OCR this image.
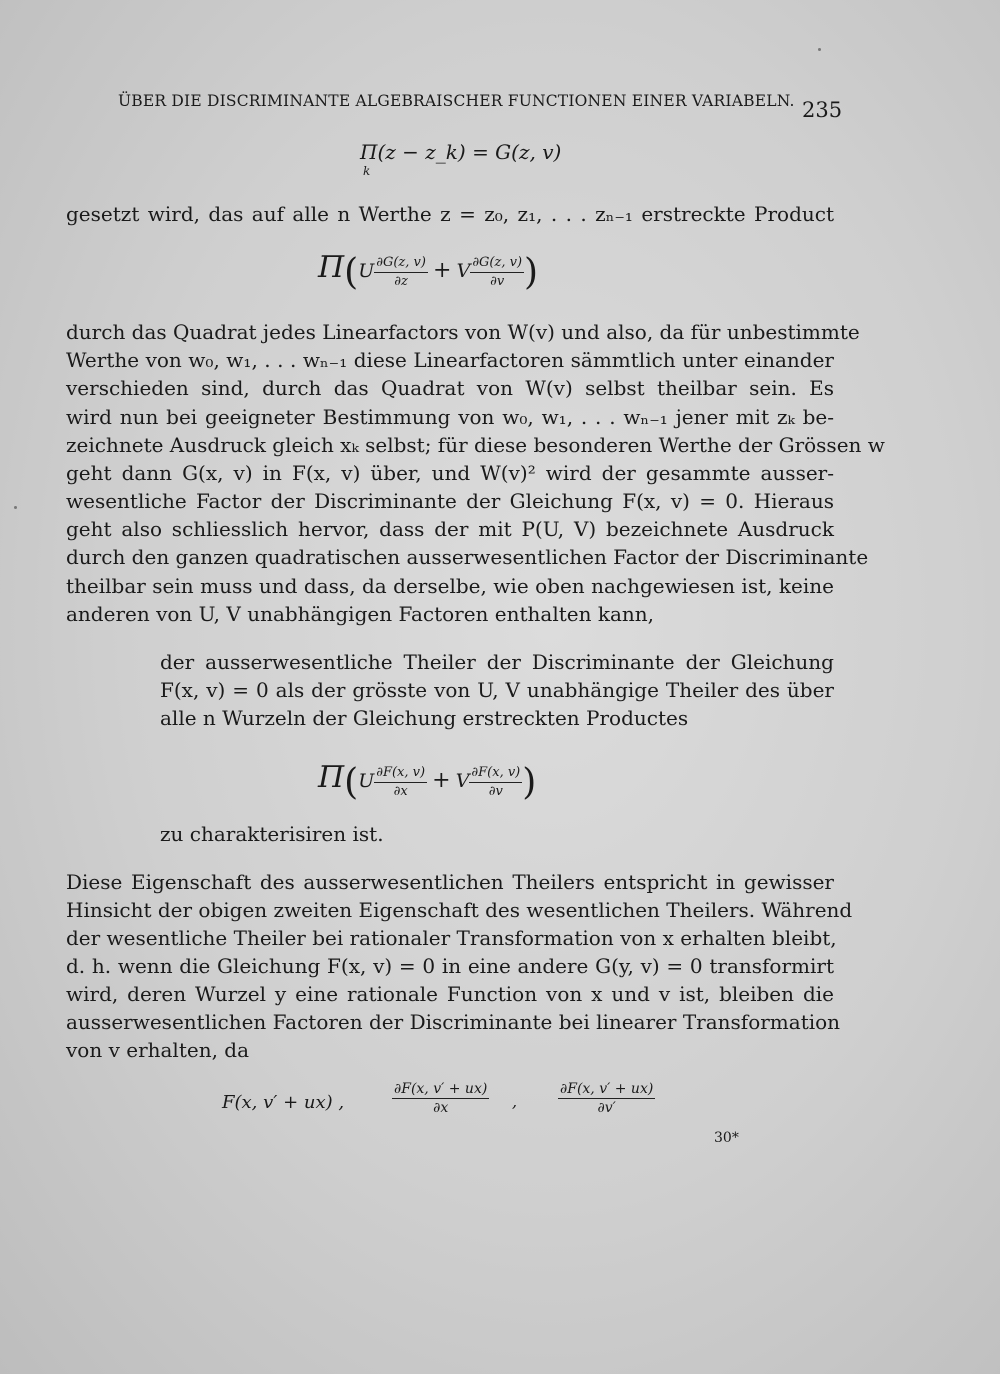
ÜBER DIE DISCRIMINANTE ALGEBRAISCHER FUNCTIONEN EINER VARIABELN. 235
Π(z − z_k) = G(z, v)
k
gesetzt wird, das auf alle n Werthe z = z₀, z₁, . . . zₙ₋₁ erstreckte Product
$\Pi(U \frac{\partial G(z, v)}{\partial z} + V \frac{\partial G(z, v)}{\partial v}$ )
durch das Quadrat jedes Linearfactors von W(v) und also, da für unbestimmte
Werthe von w₀, w₁, . . . wₙ₋₁ diese Linearfactoren sämmtlich unter einander
verschieden sind, durch das Quadrat von W(v) selbst theilbar sein. Es
wird nun bei geeigneter Bestimmung von w₀, w₁, . . . wₙ₋₁ jener mit zₖ be-
zeichnete Ausdruck gleich xₖ selbst; für diese besonderen Werthe der Grössen w
geht dann G(x, v) in F(x, v) über, und W(v)² wird der gesammte ausser-
wesentliche Factor der Discriminante der Gleichung F(x, v) = 0. Hieraus
geht also schliesslich hervor, dass der mit P(U, V) bezeichnete Ausdruck
durch den ganzen quadratischen ausserwesentlichen Factor der Discriminante
theilbar sein muss und dass, da derselbe, wie oben nachgewiesen ist, keine
anderen von U, V unabhängigen Factoren enthalten kann,
der ausserwesentliche Theiler der Discriminante der Gleichung
F(x, v) = 0 als der grösste von U, V unabhängige Theiler des über
alle n Wurzeln der Gleichung erstreckten Productes
$\Pi(U \frac{\partial F(x, v)}{\partial x} + V \frac{\partial F(x, v)}{\partial v}$ )
zu charakterisiren ist.
Diese Eigenschaft des ausserwesentlichen Theilers entspricht in gewisser
Hinsicht der obigen zweiten Eigenschaft des wesentlichen Theilers. Während
der wesentliche Theiler bei rationaler Transformation von x erhalten bleibt,
d. h. wenn die Gleichung F(x, v) = 0 in eine andere G(y, v) = 0 transformirt
wird, deren Wurzel y eine rationale Function von x und v ist, bleiben die
ausserwesentlichen Factoren der Discriminante bei linearer Transformation
von v erhalten, da
F(x, v′ + ux) ,	$\frac{\partial F(x, v' + ux)}{\partial x}$ ,	$\frac{\partial F(x, v' + ux)}{\partial v'}$
30*
